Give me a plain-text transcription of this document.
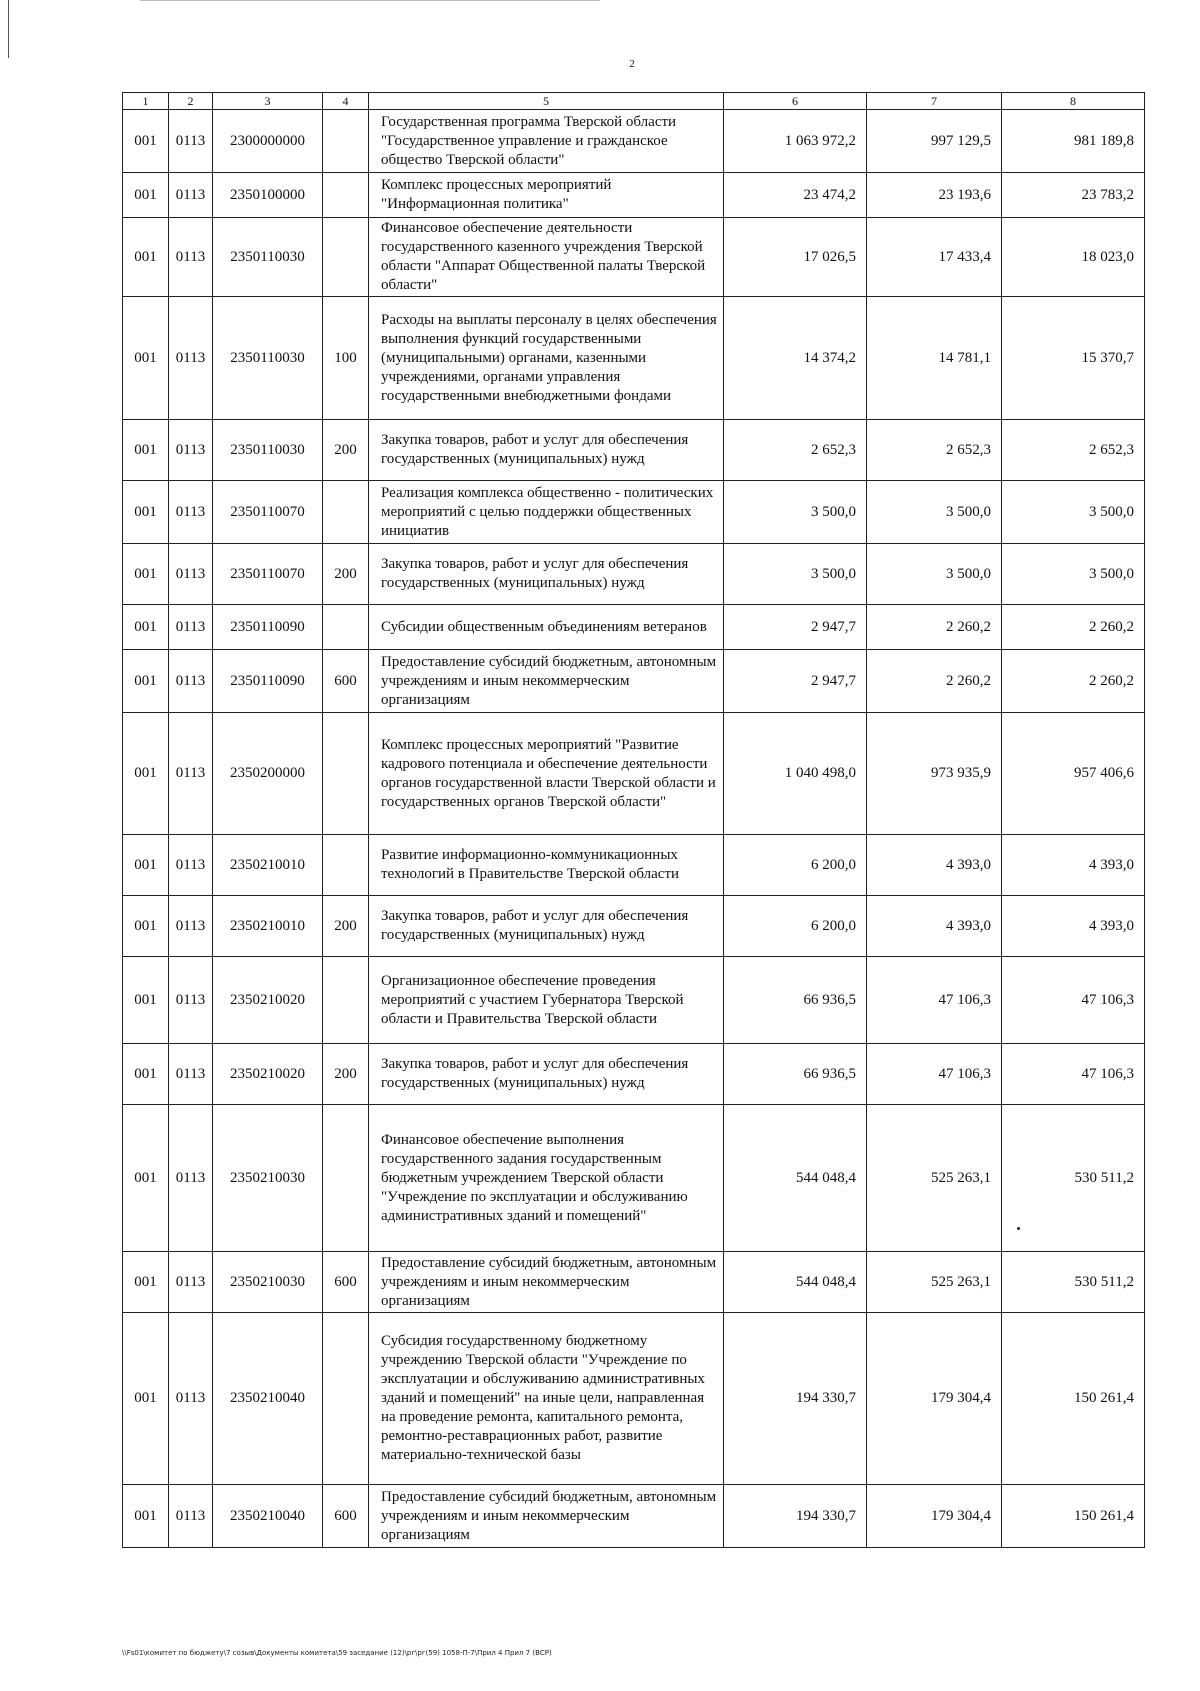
2
1	2	3	4	5	6	7	8
001	0113	2300000000		Государственная программа Тверской области "Государственное управление и гражданское общество Тверской области"	1 063 972,2	997 129,5	981 189,8
001	0113	2350100000		Комплекс процессных мероприятий "Информационная политика"	23 474,2	23 193,6	23 783,2
001	0113	2350110030		Финансовое обеспечение деятельности государственного казенного учреждения Тверской области "Аппарат Общественной палаты Тверской области"	17 026,5	17 433,4	18 023,0
001	0113	2350110030	100	Расходы на выплаты персоналу в целях обеспечения выполнения функций государственными (муниципальными) органами, казенными учреждениями, органами управления государственными внебюджетными фондами	14 374,2	14 781,1	15 370,7
001	0113	2350110030	200	Закупка товаров, работ и услуг для обеспечения государственных (муниципальных) нужд	2 652,3	2 652,3	2 652,3
001	0113	2350110070		Реализация комплекса общественно - политических мероприятий с целью поддержки общественных инициатив	3 500,0	3 500,0	3 500,0
001	0113	2350110070	200	Закупка товаров, работ и услуг для обеспечения государственных (муниципальных) нужд	3 500,0	3 500,0	3 500,0
001	0113	2350110090		Субсидии общественным объединениям ветеранов	2 947,7	2 260,2	2 260,2
001	0113	2350110090	600	Предоставление субсидий бюджетным, автономным учреждениям и иным некоммерческим организациям	2 947,7	2 260,2	2 260,2
001	0113	2350200000		Комплекс процессных мероприятий "Развитие кадрового потенциала и обеспечение деятельности органов государственной власти Тверской области и государственных органов Тверской области"	1 040 498,0	973 935,9	957 406,6
001	0113	2350210010		Развитие информационно-коммуникационных технологий в Правительстве Тверской области	6 200,0	4 393,0	4 393,0
001	0113	2350210010	200	Закупка товаров, работ и услуг для обеспечения государственных (муниципальных) нужд	6 200,0	4 393,0	4 393,0
001	0113	2350210020		Организационное обеспечение проведения мероприятий с участием Губернатора Тверской области и Правительства Тверской области	66 936,5	47 106,3	47 106,3
001	0113	2350210020	200	Закупка товаров, работ и услуг для обеспечения государственных (муниципальных) нужд	66 936,5	47 106,3	47 106,3
001	0113	2350210030		Финансовое обеспечение выполнения государственного задания государственным бюджетным учреждением Тверской области "Учреждение по эксплуатации и обслуживанию административных зданий и помещений"	544 048,4	525 263,1	530 511,2
001	0113	2350210030	600	Предоставление субсидий бюджетным, автономным учреждениям и иным некоммерческим организациям	544 048,4	525 263,1	530 511,2
001	0113	2350210040		Субсидия государственному бюджетному учреждению Тверской области "Учреждение по эксплуатации и обслуживанию административных зданий и помещений" на иные цели, направленная на проведение ремонта, капитального ремонта, ремонтно-реставрационных работ, развитие материально-технической базы	194 330,7	179 304,4	150 261,4
001	0113	2350210040	600	Предоставление субсидий бюджетным, автономным учреждениям и иным некоммерческим организациям	194 330,7	179 304,4	150 261,4
\\Fs01\комитет по бюджету\7 созыв\Документы комитета\59 заседание (12)\рг\рг(59) 1058-П-7\Прил 4 Прил 7 (ВСР)
